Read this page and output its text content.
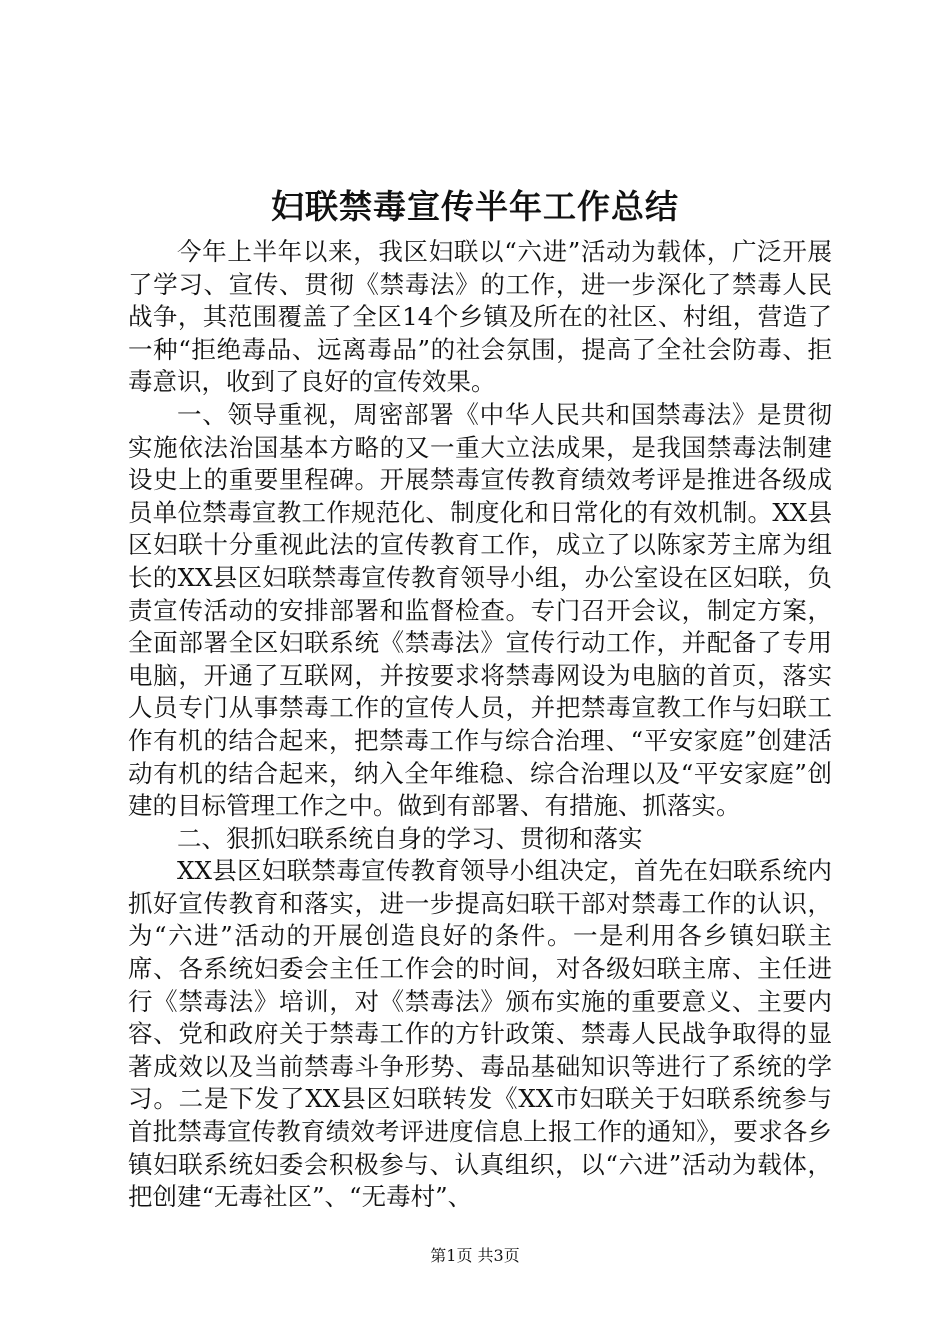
妇联禁毒宣传半年工作总结

今年上半年以来，我区妇联以“六进”活动为载体，广泛开展了学习、宣传、贯彻《禁毒法》的工作，进一步深化了禁毒人民战争，其范围覆盖了全区14个乡镇及所在的社区、村组，营造了一种“拒绝毒品、远离毒品”的社会氛围，提高了全社会防毒、拒毒意识，收到了良好的宣传效果。

一、领导重视，周密部署《中华人民共和国禁毒法》是贯彻实施依法治国基本方略的又一重大立法成果，是我国禁毒法制建设史上的重要里程碑。开展禁毒宣传教育绩效考评是推进各级成员单位禁毒宣教工作规范化、制度化和日常化的有效机制。XX县区妇联十分重视此法的宣传教育工作，成立了以陈家芳主席为组长的XX县区妇联禁毒宣传教育领导小组，办公室设在区妇联，负责宣传活动的安排部署和监督检查。专门召开会议，制定方案，全面部署全区妇联系统《禁毒法》宣传行动工作，并配备了专用电脑，开通了互联网，并按要求将禁毒网设为电脑的首页，落实人员专门从事禁毒工作的宣传人员，并把禁毒宣教工作与妇联工作有机的结合起来，把禁毒工作与综合治理、“平安家庭”创建活动有机的结合起来，纳入全年维稳、综合治理以及“平安家庭”创建的目标管理工作之中。做到有部署、有措施、抓落实。

二、狠抓妇联系统自身的学习、贯彻和落实

XX县区妇联禁毒宣传教育领导小组决定，首先在妇联系统内抓好宣传教育和落实，进一步提高妇联干部对禁毒工作的认识，为“六进”活动的开展创造良好的条件。一是利用各乡镇妇联主席、各系统妇委会主任工作会的时间，对各级妇联主席、主任进行《禁毒法》培训，对《禁毒法》颁布实施的重要意义、主要内容、党和政府关于禁毒工作的方针政策、禁毒人民战争取得的显著成效以及当前禁毒斗争形势、毒品基础知识等进行了系统的学习。二是下发了XX县区妇联转发《XX市妇联关于妇联系统参与首批禁毒宣传教育绩效考评进度信息上报工作的通知》，要求各乡镇妇联系统妇委会积极参与、认真组织，以“六进”活动为载体，把创建“无毒社区”、“无毒村”、

第1页 共3页
